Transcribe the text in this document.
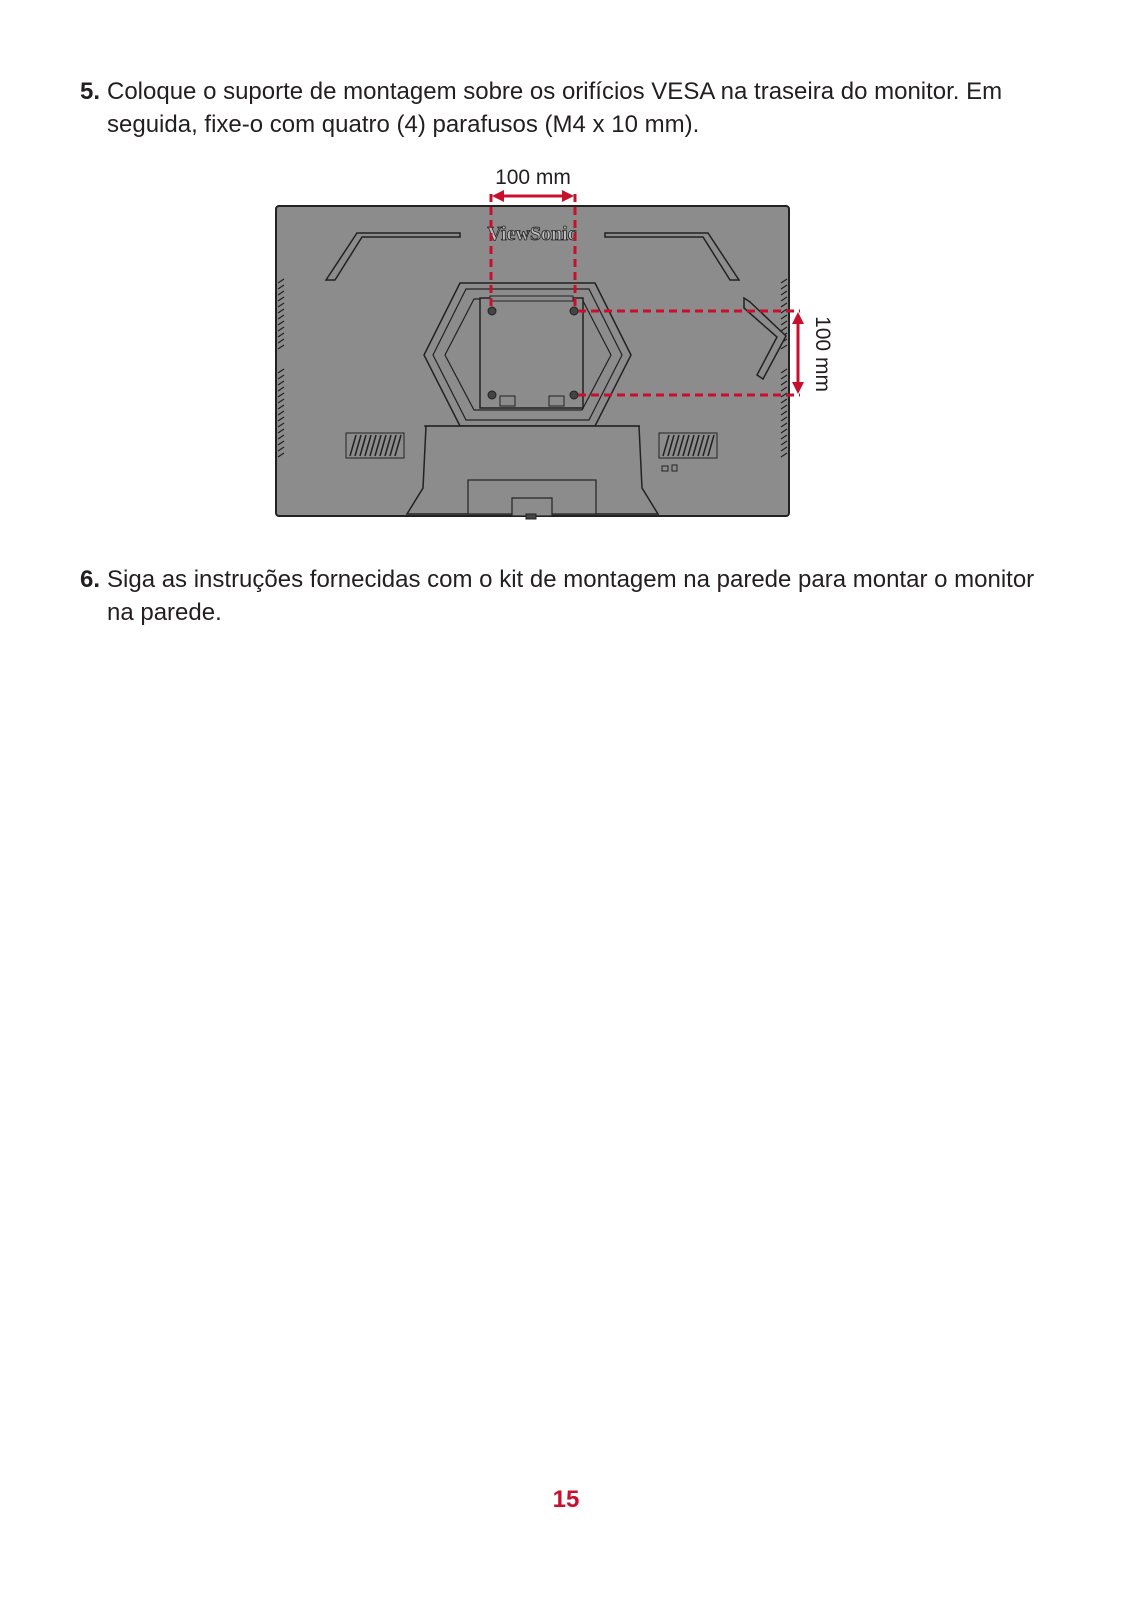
5. Coloque o suporte de montagem sobre os orifícios VESA na traseira do monitor. Em seguida, fixe-o com quatro (4) parafusos (M4 x 10 mm).
ViewSonic
100 mm
100 mm
6. Siga as instruções fornecidas com o kit de montagem na parede para montar o monitor na parede.
15
